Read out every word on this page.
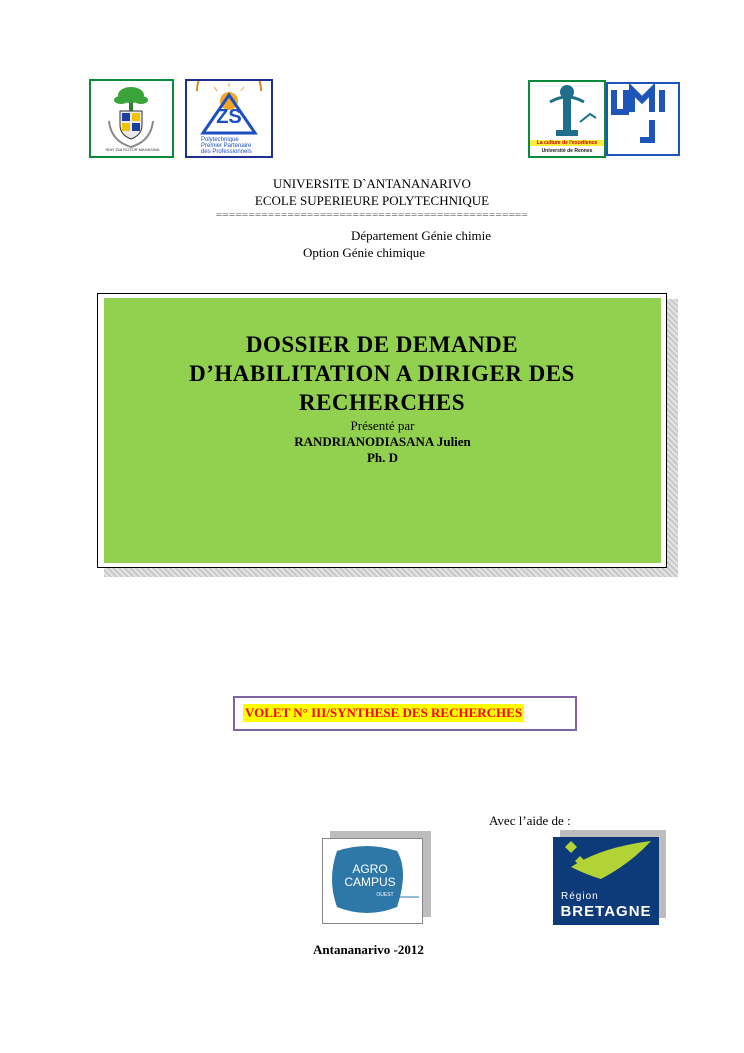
IRAY DIA ROTOR MAHASINA
ZS
Polytechnique
Premier Partenaire
des Professionnels
La culture de l'excellence
Université de Rennes
UNIVERSITE D`ANTANANARIVO
ECOLE SUPERIEURE POLYTECHNIQUE
================================================
Département Génie chimie
Option Génie chimique
DOSSIER DE DEMANDE
D’HABILITATION A DIRIGER DES
RECHERCHES
Présenté par
RANDRIANODIASANA Julien
Ph. D
VOLET N° III/SYNTHESE DES RECHERCHES
Avec l’aide de :
AGRO
CAMPUS
OUEST	Région
BRETAGNE
Antananarivo -2012
